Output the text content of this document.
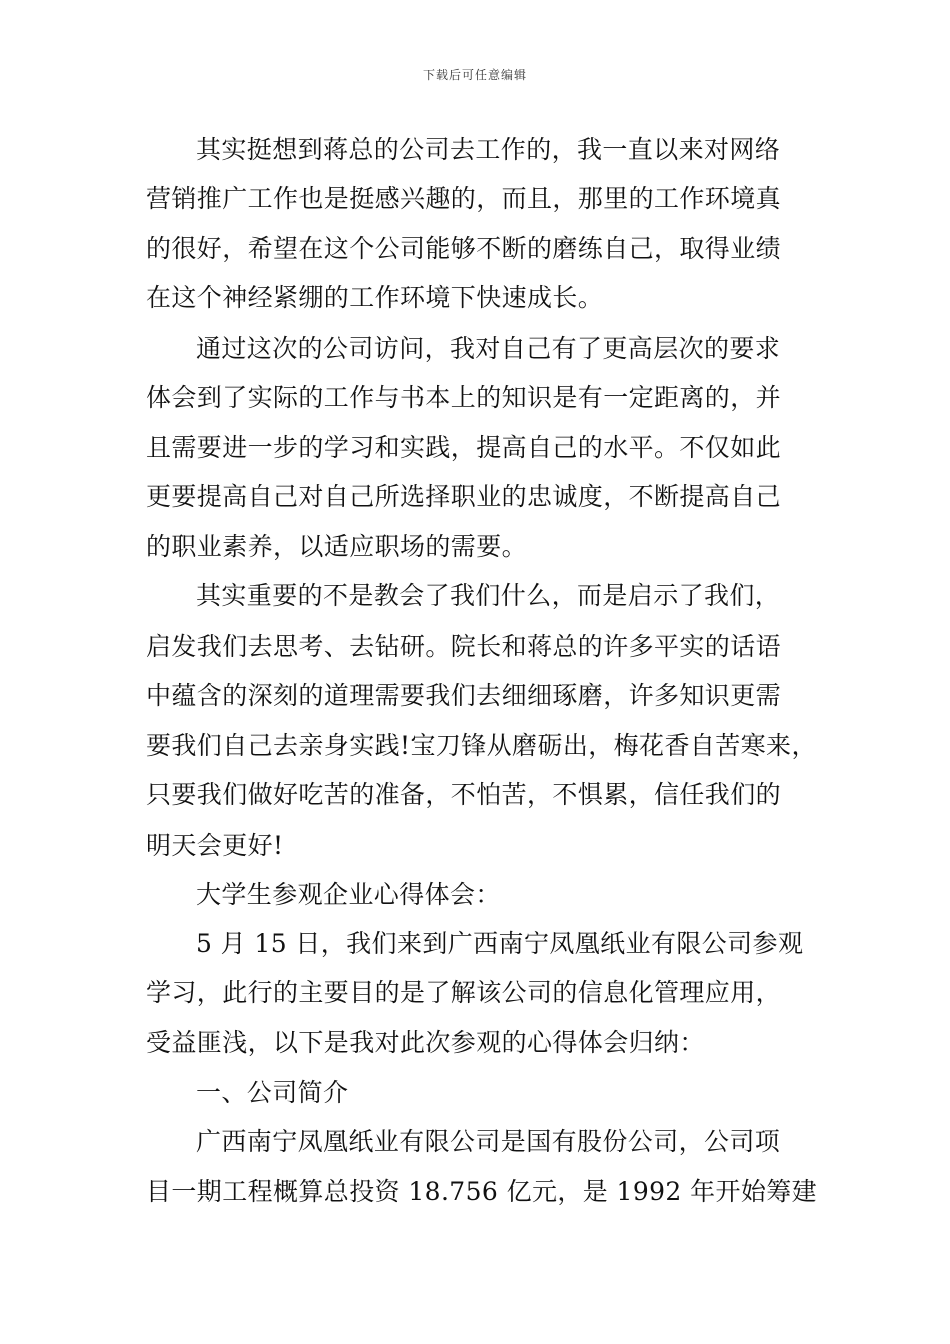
下载后可任意编辑
其实挺想到蒋总的公司去工作的，我一直以来对网络
营销推广工作也是挺感兴趣的，而且，那里的工作环境真
的很好，希望在这个公司能够不断的磨练自己，取得业绩
在这个神经紧绷的工作环境下快速成长。
通过这次的公司访问，我对自己有了更高层次的要求
体会到了实际的工作与书本上的知识是有一定距离的，并
且需要进一步的学习和实践，提高自己的水平。不仅如此
更要提高自己对自己所选择职业的忠诚度，不断提高自己
的职业素养，以适应职场的需要。
其实重要的不是教会了我们什么，而是启示了我们，
启发我们去思考、去钻研。院长和蒋总的许多平实的话语
中蕴含的深刻的道理需要我们去细细琢磨，许多知识更需
要我们自己去亲身实践!宝刀锋从磨砺出，梅花香自苦寒来，
只要我们做好吃苦的准备，不怕苦，不惧累，信任我们的
明天会更好!
大学生参观企业心得体会：
5 月 15 日，我们来到广西南宁凤凰纸业有限公司参观
学习，此行的主要目的是了解该公司的信息化管理应用，
受益匪浅，以下是我对此次参观的心得体会归纳：
一、公司简介
广西南宁凤凰纸业有限公司是国有股份公司，公司项
目一期工程概算总投资 18.756 亿元，是 1992 年开始筹建
